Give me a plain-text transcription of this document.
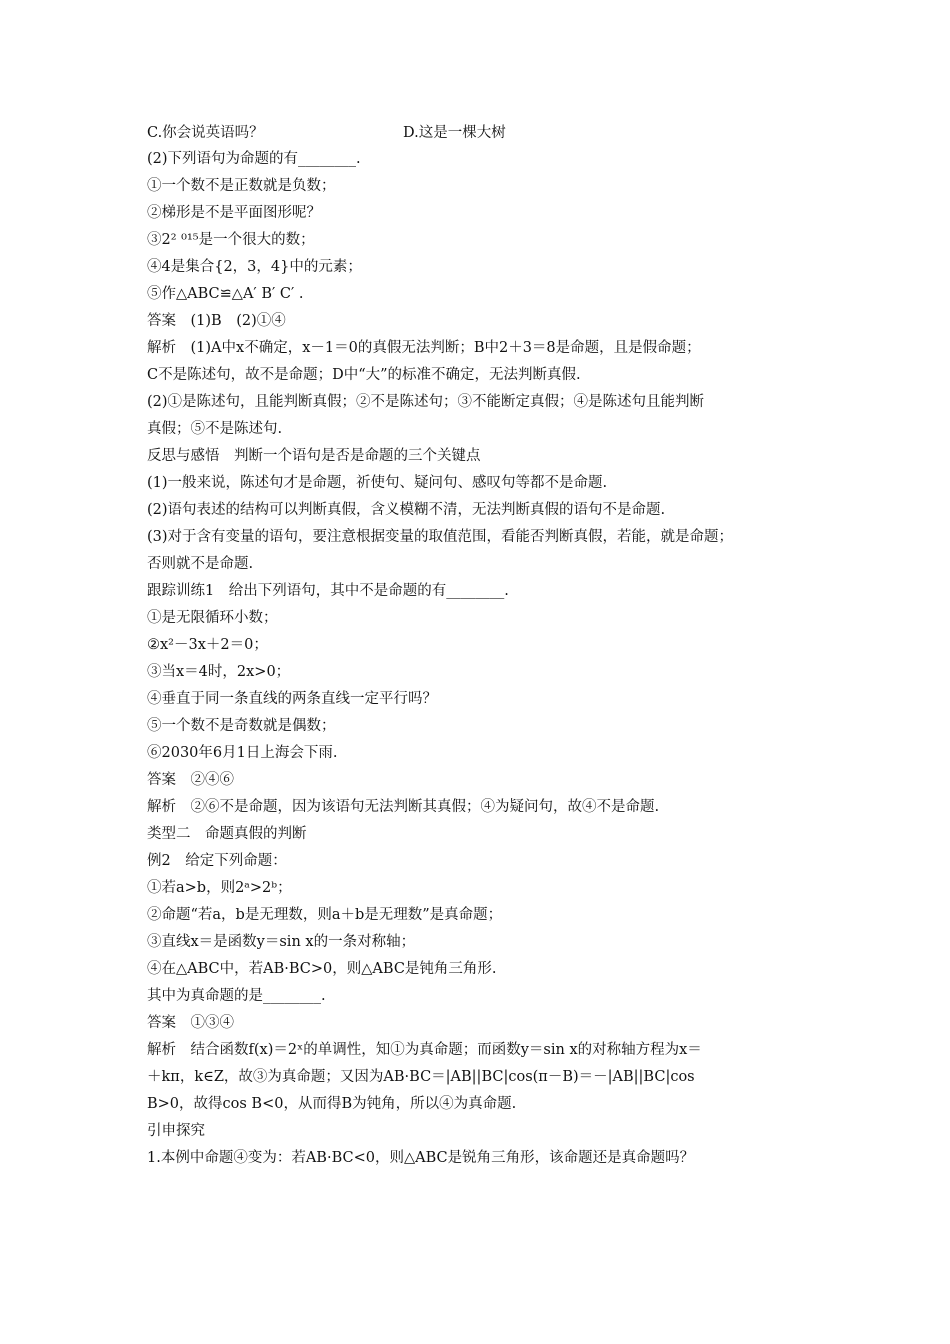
C.你会说英语吗？	D.这是一棵大树
(2)下列语句为命题的有________.
①一个数不是正数就是负数；
②梯形是不是平面图形呢？
③2² ⁰¹⁵是一个很大的数；
④4是集合{2，3，4}中的元素；
⑤作△ABC≌△A′ B′ C′ .
答案　(1)B　(2)①④
解析　(1)A中x不确定，x－1＝0的真假无法判断；B中2＋3＝8是命题，且是假命题；
C不是陈述句，故不是命题；D中“大”的标准不确定，无法判断真假.
(2)①是陈述句，且能判断真假；②不是陈述句；③不能断定真假；④是陈述句且能判断
真假；⑤不是陈述句.
反思与感悟　判断一个语句是否是命题的三个关键点
(1)一般来说，陈述句才是命题，祈使句、疑问句、感叹句等都不是命题.
(2)语句表述的结构可以判断真假，含义模糊不清，无法判断真假的语句不是命题.
(3)对于含有变量的语句，要注意根据变量的取值范围，看能否判断真假，若能，就是命题；
否则就不是命题.
跟踪训练1　给出下列语句，其中不是命题的有________.
①是无限循环小数；
②x²－3x＋2＝0；
③当x＝4时，2x>0；
④垂直于同一条直线的两条直线一定平行吗？
⑤一个数不是奇数就是偶数；
⑥2030年6月1日上海会下雨.
答案　②④⑥
解析　②⑥不是命题，因为该语句无法判断其真假；④为疑问句，故④不是命题.
类型二　命题真假的判断
例2　给定下列命题：
①若a>b，则2ᵃ>2ᵇ；
②命题“若a，b是无理数，则a＋b是无理数”是真命题；
③直线x＝是函数y＝sin x的一条对称轴；
④在△ABC中，若AB·BC>0，则△ABC是钝角三角形.
其中为真命题的是________.
答案　①③④
解析　结合函数f(x)＝2ˣ的单调性，知①为真命题；而函数y＝sin x的对称轴方程为x＝
＋kπ，k∈Z，故③为真命题；又因为AB·BC＝|AB||BC|cos(π－B)＝－|AB||BC|cos
B>0，故得cos B<0，从而得B为钝角，所以④为真命题.
引申探究
1.本例中命题④变为：若AB·BC<0，则△ABC是锐角三角形，该命题还是真命题吗？
